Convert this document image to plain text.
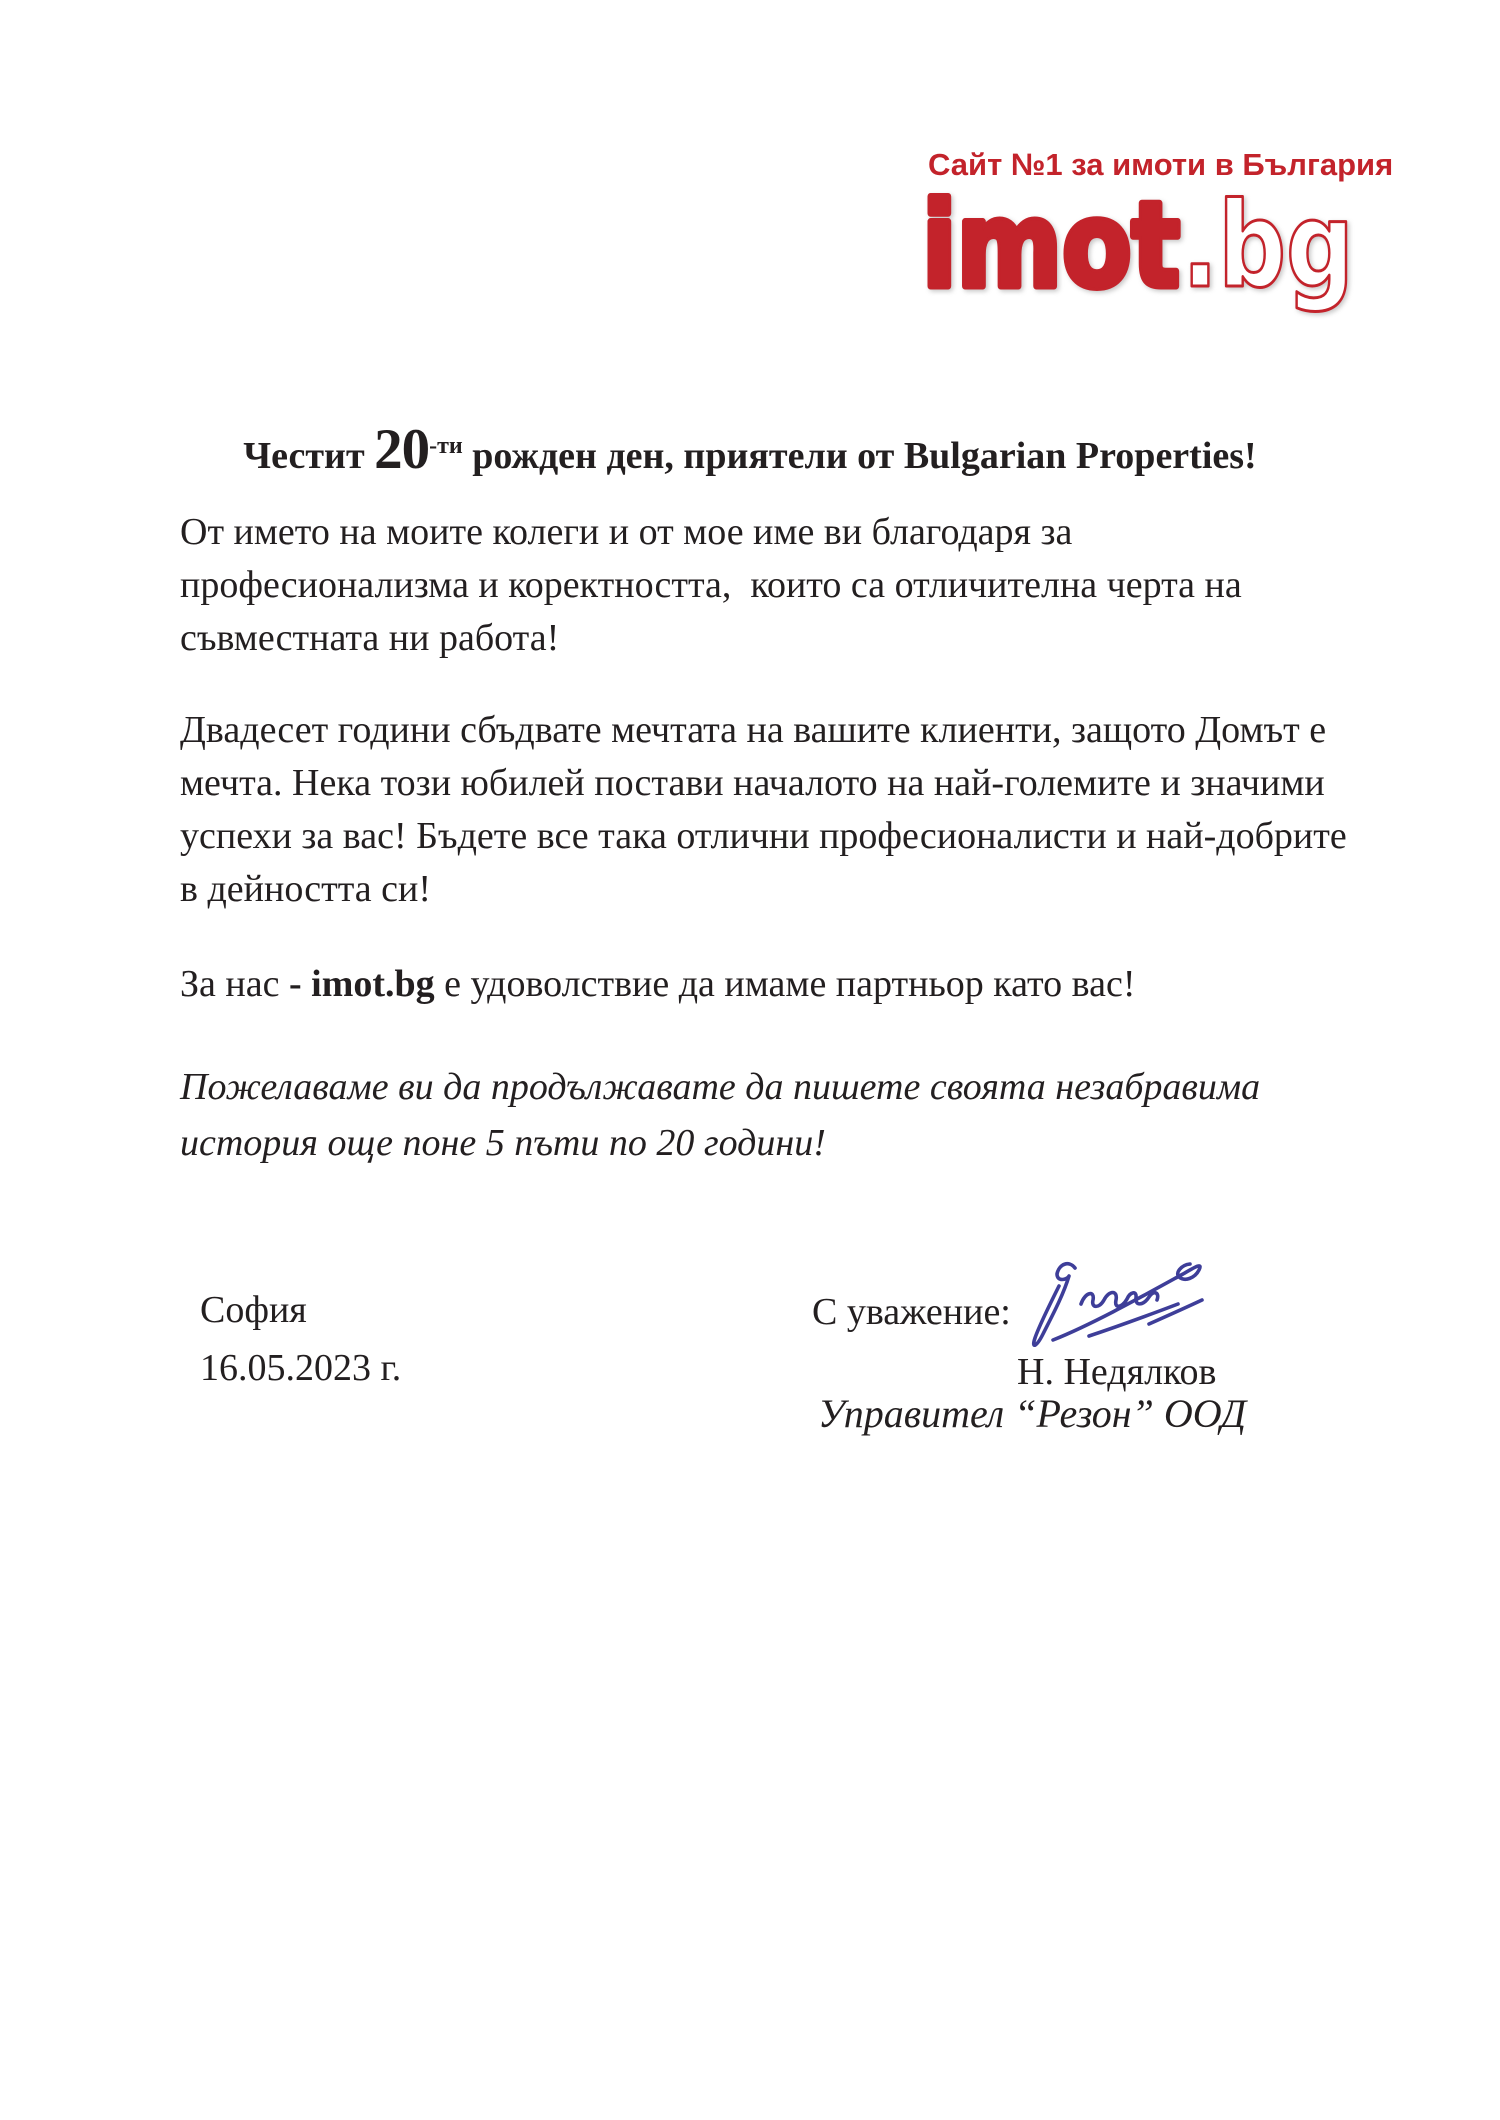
Сайт №1 за имоти в България
imot .bg
Честит $20^{-ти}$ рожден ден, приятели от Bulgarian Properties!
От името на моите колеги и от мое име ви благодаря за
професионализма и коректността,  които са отличителна черта на
съвместната ни работа!
Двадесет години сбъдвате мечтата на вашите клиенти, защото Домът е
мечта. Нека този юбилей постави началото на най-големите и значими
успехи за вас! Бъдете все така отлични професионалисти и най-добрите
в дейността си!
За нас - imot.bg е удоволствие да имаме партньор като вас!
Пожелаваме ви да продължавате да пишете своята незабравима
история още поне 5 пъти по 20 години!
София
16.05.2023 г.
С уважение:
Н. Недялков
Управител “Резон” ООД
